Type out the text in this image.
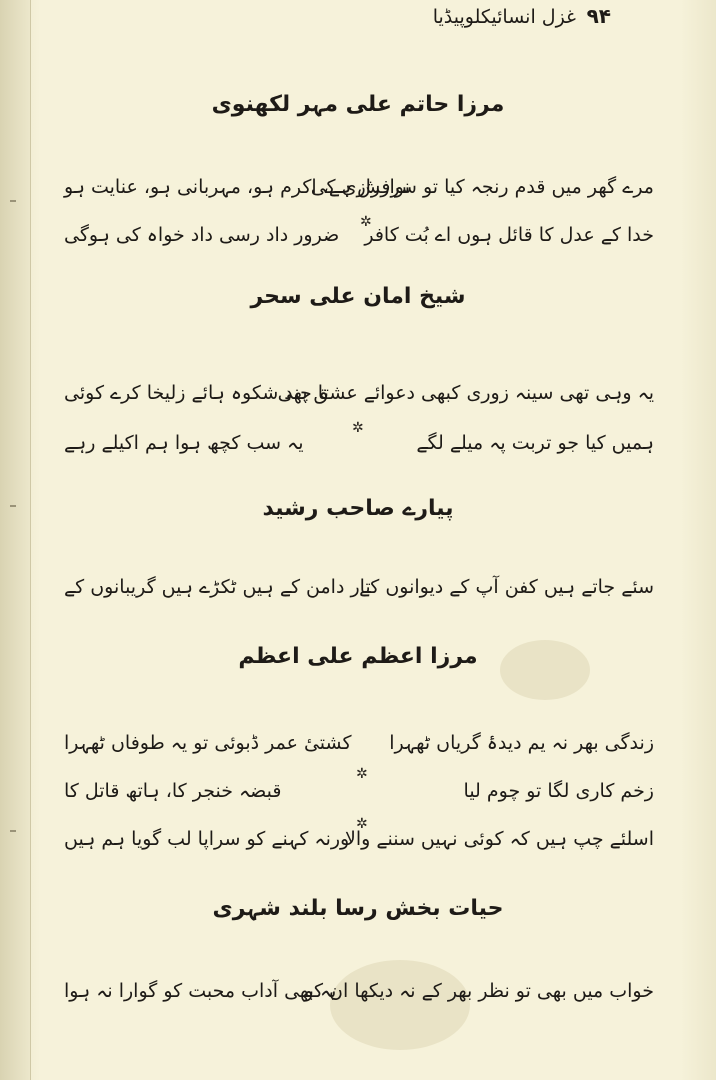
غزل انسائیکلوپیڈیا ۹۴
مرزا حاتم علی مہر لکھنوی
مرے گھر میں قدم رنجہ کیا تو سرفرازی کی
نوازش ہے، اکرم ہو، مہربانی ہو، عنایت ہو
✲
خدا کے عدل کا قائل ہوں اے بُت کافر
ضرور داد رسی داد خواہ کی ہوگی
شیخ امان علی سحر
یہ وہی تھی سینہ زوری کبھی دعوائے عشق بھی
تا چند شکوہ ہائے زلیخا کرے کوئی
✲
ہمیں کیا جو تربت پہ میلے لگے
یہ سب کچھ ہوا ہم اکیلے رہے
پیارے صاحب رشید
سئے جاتے ہیں کفن آپ کے دیوانوں کے
تار دامن کے ہیں ٹکڑے ہیں گریبانوں کے
مرزا اعظم علی اعظم
زندگی بھر نہ یم دیدۂ گریاں ٹھہرا
کشتیٔ عمر ڈبوئی تو یہ طوفاں ٹھہرا
✲
زخم کاری لگا تو چوم لیا
قبضہ خنجر کا، ہاتھ قاتل کا
✲
اسلئے چپ ہیں کہ کوئی نہیں سننے والا
ورنہ کہنے کو سراپا لب گویا ہم ہیں
حیات بخش رسا بلند شہری
خواب میں بھی تو نظر بھر کے نہ دیکھا ان کو
یہ بھی آداب محبت کو گوارا نہ ہوا
